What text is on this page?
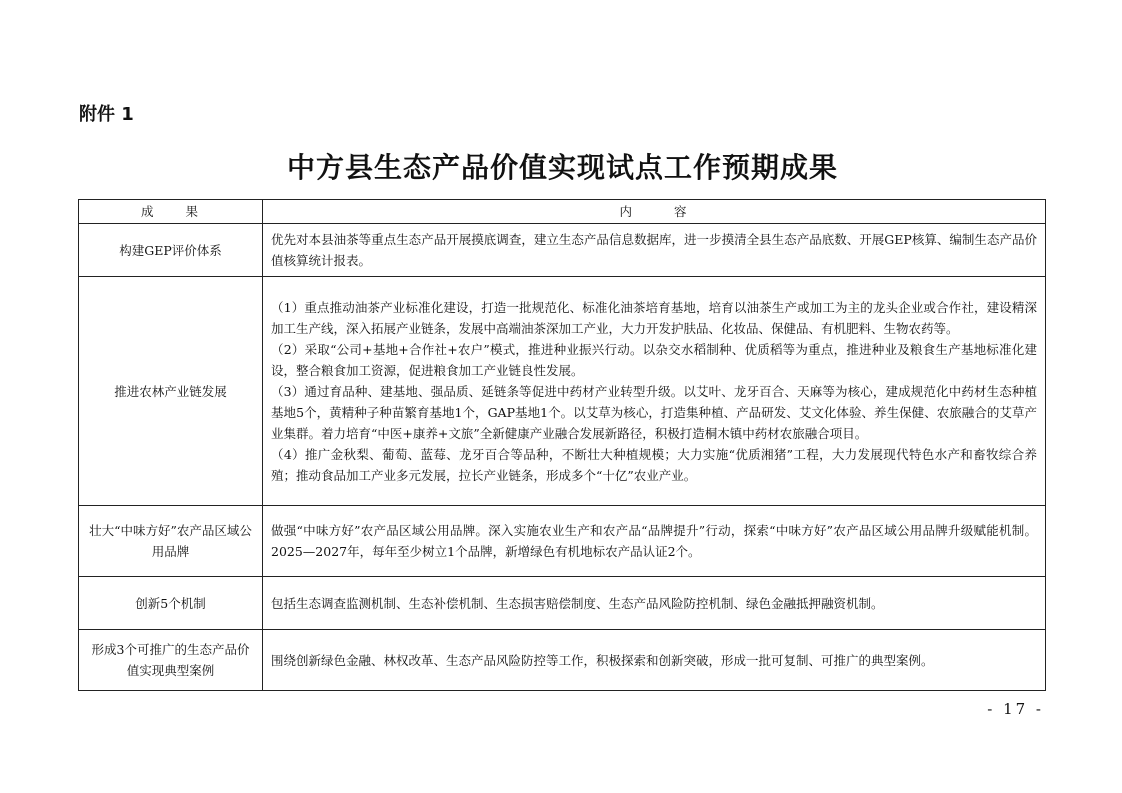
附件 1
中方县生态产品价值实现试点工作预期成果
成 果	内 容
构建GEP评价体系	优先对本县油茶等重点生态产品开展摸底调查，建立生态产品信息数据库，进一步摸清全县生态产品底数、开展GEP核算、编制生态产品价值核算统计报表。
推进农林产业链发展	（1）重点推动油茶产业标准化建设，打造一批规范化、标准化油茶培育基地，培育以油茶生产或加工为主的龙头企业或合作社，建设精深加工生产线，深入拓展产业链条，发展中高端油茶深加工产业，大力开发护肤品、化妆品、保健品、有机肥料、生物农药等。
（2）采取“公司+基地+合作社+农户”模式，推进种业振兴行动。以杂交水稻制种、优质稻等为重点，推进种业及粮食生产基地标准化建设，整合粮食加工资源，促进粮食加工产业链良性发展。
（3）通过育品种、建基地、强品质、延链条等促进中药材产业转型升级。以艾叶、龙牙百合、天麻等为核心，建成规范化中药材生态种植基地5个，黄精种子种苗繁育基地1个，GAP基地1个。以艾草为核心，打造集种植、产品研发、艾文化体验、养生保健、农旅融合的艾草产业集群。着力培育“中医+康养+文旅”全新健康产业融合发展新路径，积极打造桐木镇中药材农旅融合项目。
（4）推广金秋梨、葡萄、蓝莓、龙牙百合等品种，不断壮大种植规模；大力实施“优质湘猪”工程，大力发展现代特色水产和畜牧综合养殖；推动食品加工产业多元发展，拉长产业链条，形成多个“十亿”农业产业。

壮大“中味方好”农产品区域公用品牌	做强“中味方好”农产品区域公用品牌。深入实施农业生产和农产品“品牌提升”行动，探索“中味方好”农产品区域公用品牌升级赋能机制。2025—2027年，每年至少树立1个品牌，新增绿色有机地标农产品认证2个。
创新5个机制	包括生态调查监测机制、生态补偿机制、生态损害赔偿制度、生态产品风险防控机制、绿色金融抵押融资机制。
形成3个可推广的生态产品价值实现典型案例	围绕创新绿色金融、林权改革、生态产品风险防控等工作，积极探索和创新突破，形成一批可复制、可推广的典型案例。
- 17 -
